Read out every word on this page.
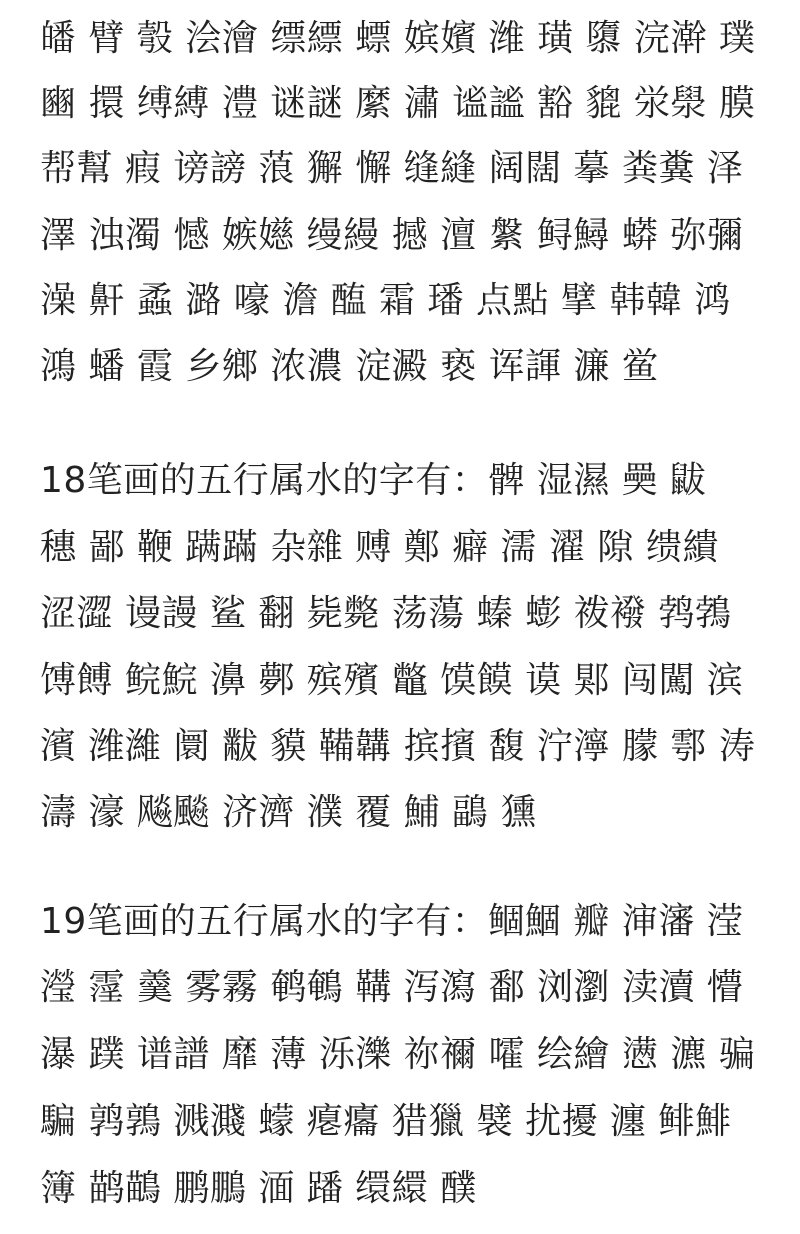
皤 臂 彀 浍澮 缥縹 螵 嫔嬪 潍 璜 隳 浣澣 璞
豳 擐 缚縛 澧 谜謎 縻 潚 谧謐 豁 貔 泶澩 膜
帮幫 瘕 谤謗 蒗 獬 懈 缝縫 阔闊 摹 粪糞 泽
澤 浊濁 憾 嫉嬨 缦縵 撼 澶 縏 鲟鱘 蟒 弥彌
澡 鼾 蟊 潞 嚎 澹 醢 霜 璠 点點 擘 韩韓 鸿
鴻 蟠 霞 乡鄉 浓濃 淀澱 亵 诨諢 濂 鲎
18笔画的五行属水的字有：髀 湿濕 奰 鼥
穗 鄙 鞭 蹒蹣 杂雜 赙 鄭 癖 濡 濯 隙 缋繢
涩澀 谩謾 鲨 翻 毙斃 荡蕩 螓 蟛 袯襏 鹁鵓
馎餺 鲩鯇 濞 鄸 殡殯 鼈 馍饃 谟 郹 闯闖 滨
濱 潍濰 阛 黻 貘 鞴韝 摈擯 馥 泞濘 朦 鄠 涛
濤 濠 飚飈 济濟 濮 覆 鯆 鶝 獯
19笔画的五行属水的字有：鲴鯝 瓣 渖瀋 滢
瀅 霪 羹 雾霧 鹌鵪 鞲 泻瀉 鄱 浏瀏 渎瀆 懵
瀑 蹼 谱譜 靡 薄 泺濼 祢禰 嚯 绘繪 懑 瀌 骗
騙 鹑鶉 溅濺 蠓 瘪癟 猎獵 襞 扰擾 瀍 鲱鯡
簿 鹋鶓 鹏鵬 湎 蹯 缳繯 醭
